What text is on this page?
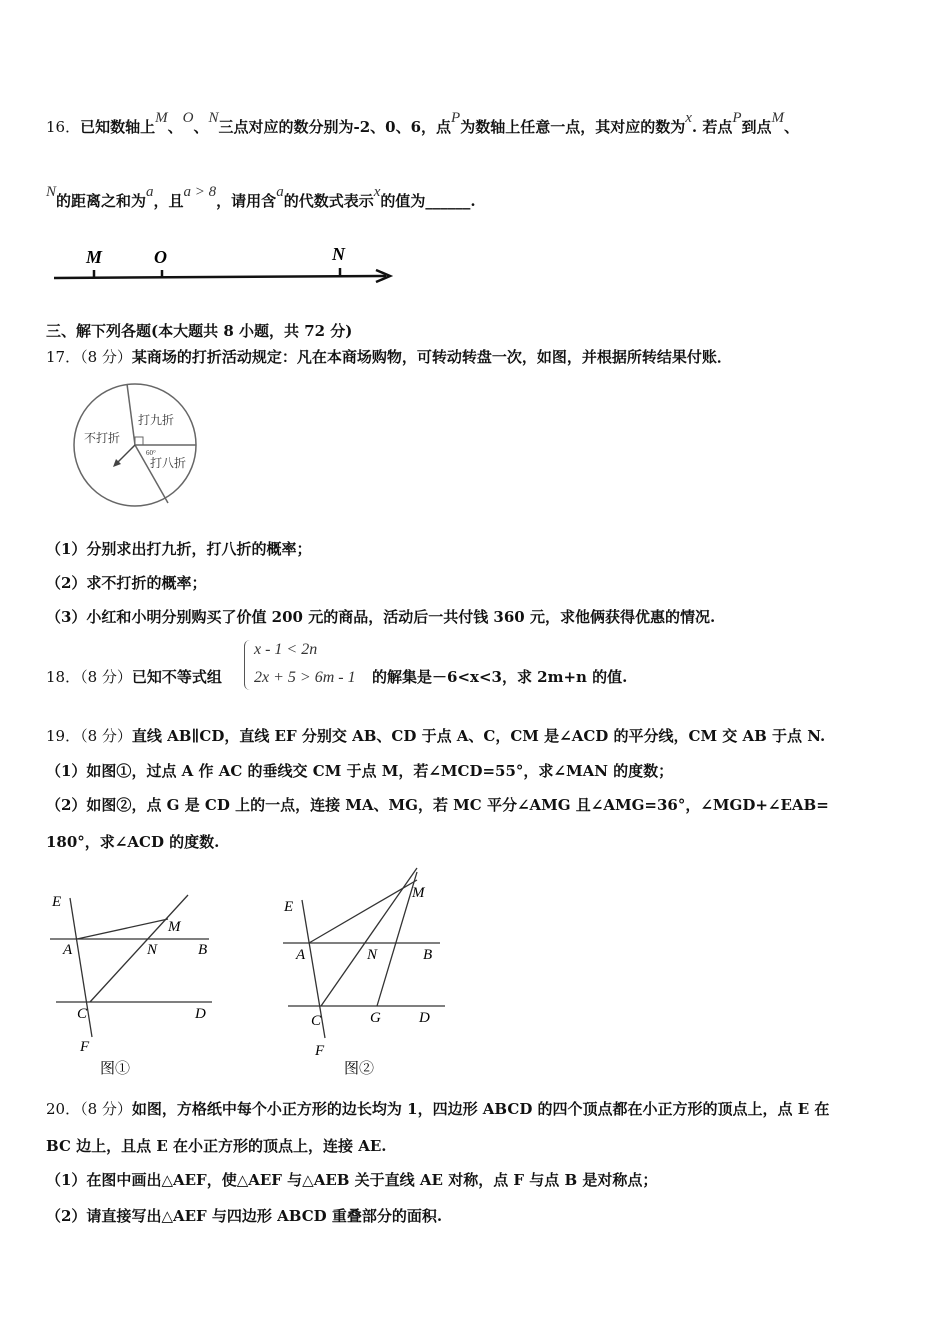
16．已知数轴上M、O、N三点对应的数分别为-2、0、6，点P为数轴上任意一点，其对应的数为x. 若点P到点M、
N的距离之和为a，且a > 8，请用含a的代数式表示x的值为______.
M	O	N
三、解下列各题(本大题共 8 小题，共 72 分)
17．（8 分）某商场的打折活动规定：凡在本商场购物，可转动转盘一次，如图，并根据所转结果付账．
打九折
不打折
打八折
60°
（1）分别求出打九折，打八折的概率；
（2）求不打折的概率；
（3）小红和小明分别购买了价值 200 元的商品，活动后一共付钱 360 元，求他俩获得优惠的情况.
18．（8 分）已知不等式组
x - 1 < 2n
2x + 5 > 6m - 1 的解集是－6<x<3，求 2m+n 的值.
19．（8 分）直线 AB∥CD，直线 EF 分别交 AB、CD 于点 A、C，CM 是∠ACD 的平分线，CM 交 AB 于点 N.
（1）如图①，过点 A 作 AC 的垂线交 CM 于点 M，若∠MCD=55°，求∠MAN 的度数；
（2）如图②，点 G 是 CD 上的一点，连接 MA、MG，若 MC 平分∠AMG 且∠AMG=36°，∠MGD+∠EAB=
180°，求∠ACD 的度数.
E
A	N	B
M
C	D
F
图①
E
M
A	N	B
C	G	D
F
图②
20．（8 分）如图，方格纸中每个小正方形的边长均为 1，四边形 ABCD 的四个顶点都在小正方形的顶点上，点 E 在
BC 边上，且点 E 在小正方形的顶点上，连接 AE.
（1）在图中画出△AEF，使△AEF 与△AEB 关于直线 AE 对称，点 F 与点 B 是对称点；
（2）请直接写出△AEF 与四边形 ABCD 重叠部分的面积.
